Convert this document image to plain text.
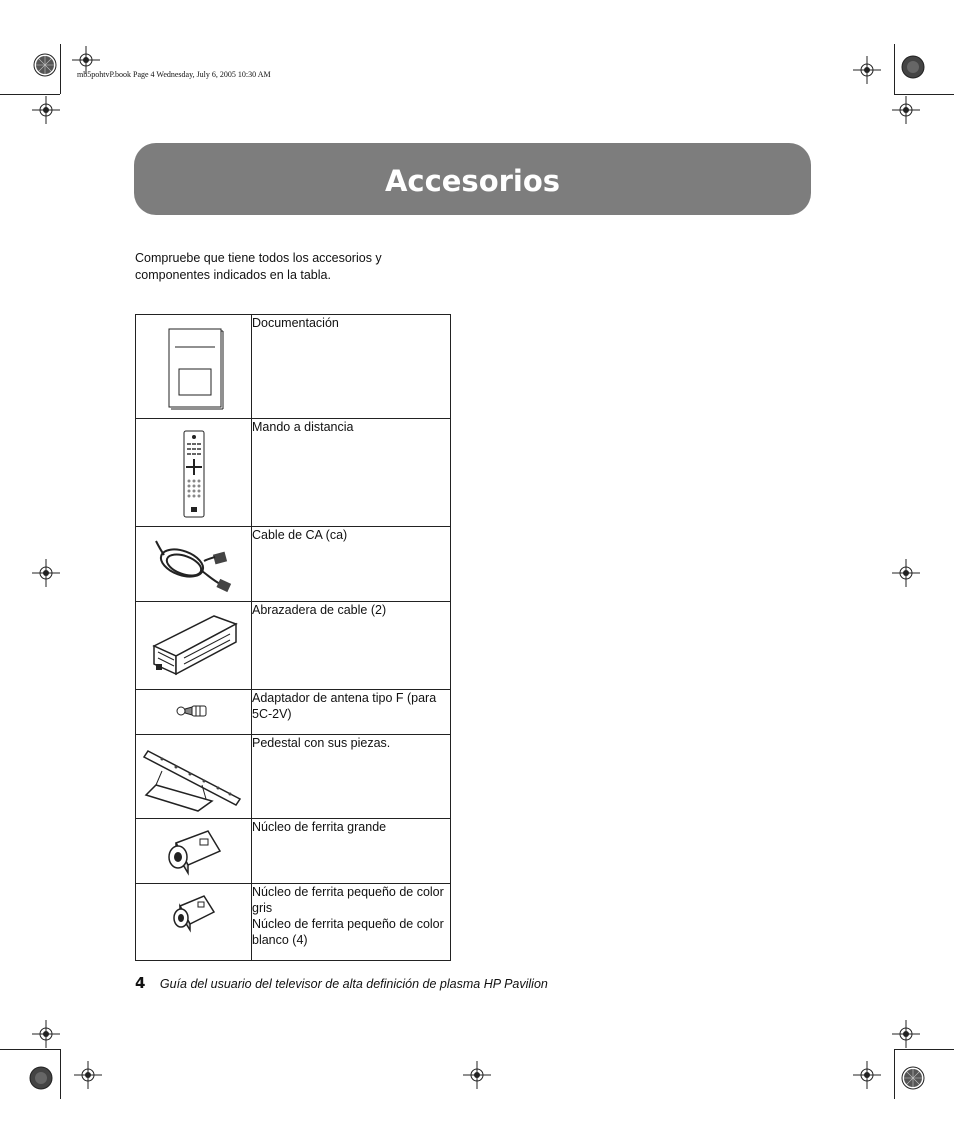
mb5pohtvP.book Page 4 Wednesday, July 6, 2005 10:30 AM
Accesorios
Compruebe que tiene todos los accesorios y componentes indicados en la tabla.
	Documentación

	Mando a distancia

	Cable de CA (ca)

	Abrazadera de cable (2)

	Adaptador de antena tipo F (para 5C-2V)

	Pedestal con sus piezas.

	Núcleo de ferrita grande

Núcleo de ferrita pequeño de color gris
Núcleo de ferrita pequeño de color blanco (4)
4 Guía del usuario del televisor de alta definición de plasma HP Pavilion
